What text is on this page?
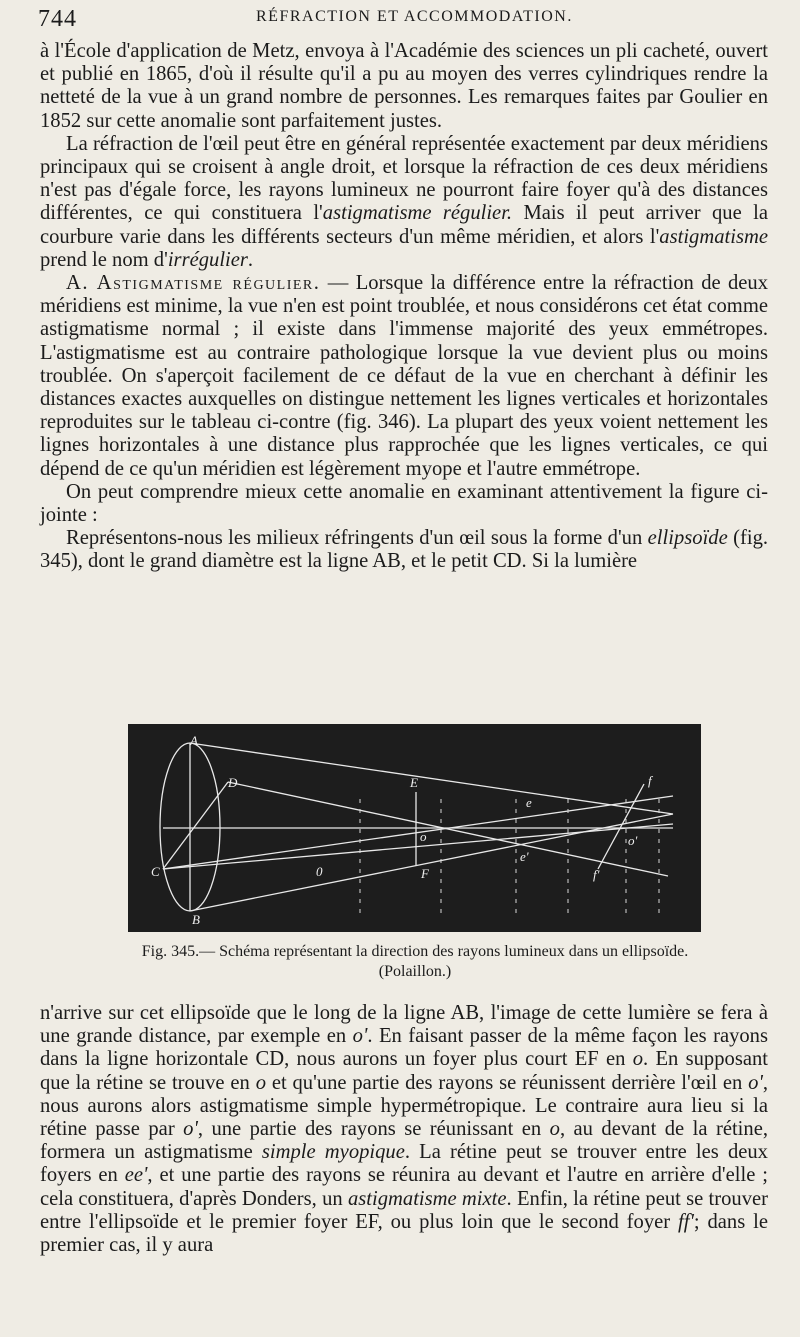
744	RÉFRACTION ET ACCOMMODATION.

à l'École d'application de Metz, envoya à l'Académie des sciences un pli cacheté, ouvert et publié en 1865, d'où il résulte qu'il a pu au moyen des verres cylindriques rendre la netteté de la vue à un grand nombre de personnes. Les remarques faites par Goulier en 1852 sur cette anomalie sont parfaitement justes.

La réfraction de l'œil peut être en général représentée exactement par deux méridiens principaux qui se croisent à angle droit, et lorsque la réfraction de ces deux méridiens n'est pas d'égale force, les rayons lumineux ne pourront faire foyer qu'à des distances différentes, ce qui constituera l'astigmatisme régulier. Mais il peut arriver que la courbure varie dans les différents secteurs d'un même méridien, et alors l'astigmatisme prend le nom d'irrégulier.

A. Astigmatisme régulier. — Lorsque la différence entre la réfraction de deux méridiens est minime, la vue n'en est point troublée, et nous considérons cet état comme astigmatisme normal ; il existe dans l'immense majorité des yeux emmétropes. L'astigmatisme est au contraire pathologique lorsque la vue devient plus ou moins troublée. On s'aperçoit facilement de ce défaut de la vue en cherchant à définir les distances exactes auxquelles on distingue nettement les lignes verticales et horizontales reproduites sur le tableau ci-contre (fig. 346). La plupart des yeux voient nettement les lignes horizontales à une distance plus rapprochée que les lignes verticales, ce qui dépend de ce qu'un méridien est légèrement myope et l'autre emmétrope.

On peut comprendre mieux cette anomalie en examinant attentivement la figure ci-jointe :

Représentons-nous les milieux réfringents d'un œil sous la forme d'un ellipsoïde (fig. 345), dont le grand diamètre est la ligne AB, et le petit CD. Si la lumière

A
B
C
D	E
F
o
0
e
e'
f
f'
o'
Fig. 345.— Schéma représentant la direction des rayons lumineux dans un ellipsoïde.
(Polaillon.)

n'arrive sur cet ellipsoïde que le long de la ligne AB, l'image de cette lumière se fera à une grande distance, par exemple en o'. En faisant passer de la même façon les rayons dans la ligne horizontale CD, nous aurons un foyer plus court EF en o. En supposant que la rétine se trouve en o et qu'une partie des rayons se réunissent derrière l'œil en o', nous aurons alors astigmatisme simple hypermétropique. Le contraire aura lieu si la rétine passe par o', une partie des rayons se réunissant en o, au devant de la rétine, formera un astigmatisme simple myopique. La rétine peut se trouver entre les deux foyers en ee', et une partie des rayons se réunira au devant et l'autre en arrière d'elle ; cela constituera, d'après Donders, un astigmatisme mixte. Enfin, la rétine peut se trouver entre l'ellipsoïde et le premier foyer EF, ou plus loin que le second foyer ff'; dans le premier cas, il y aura
